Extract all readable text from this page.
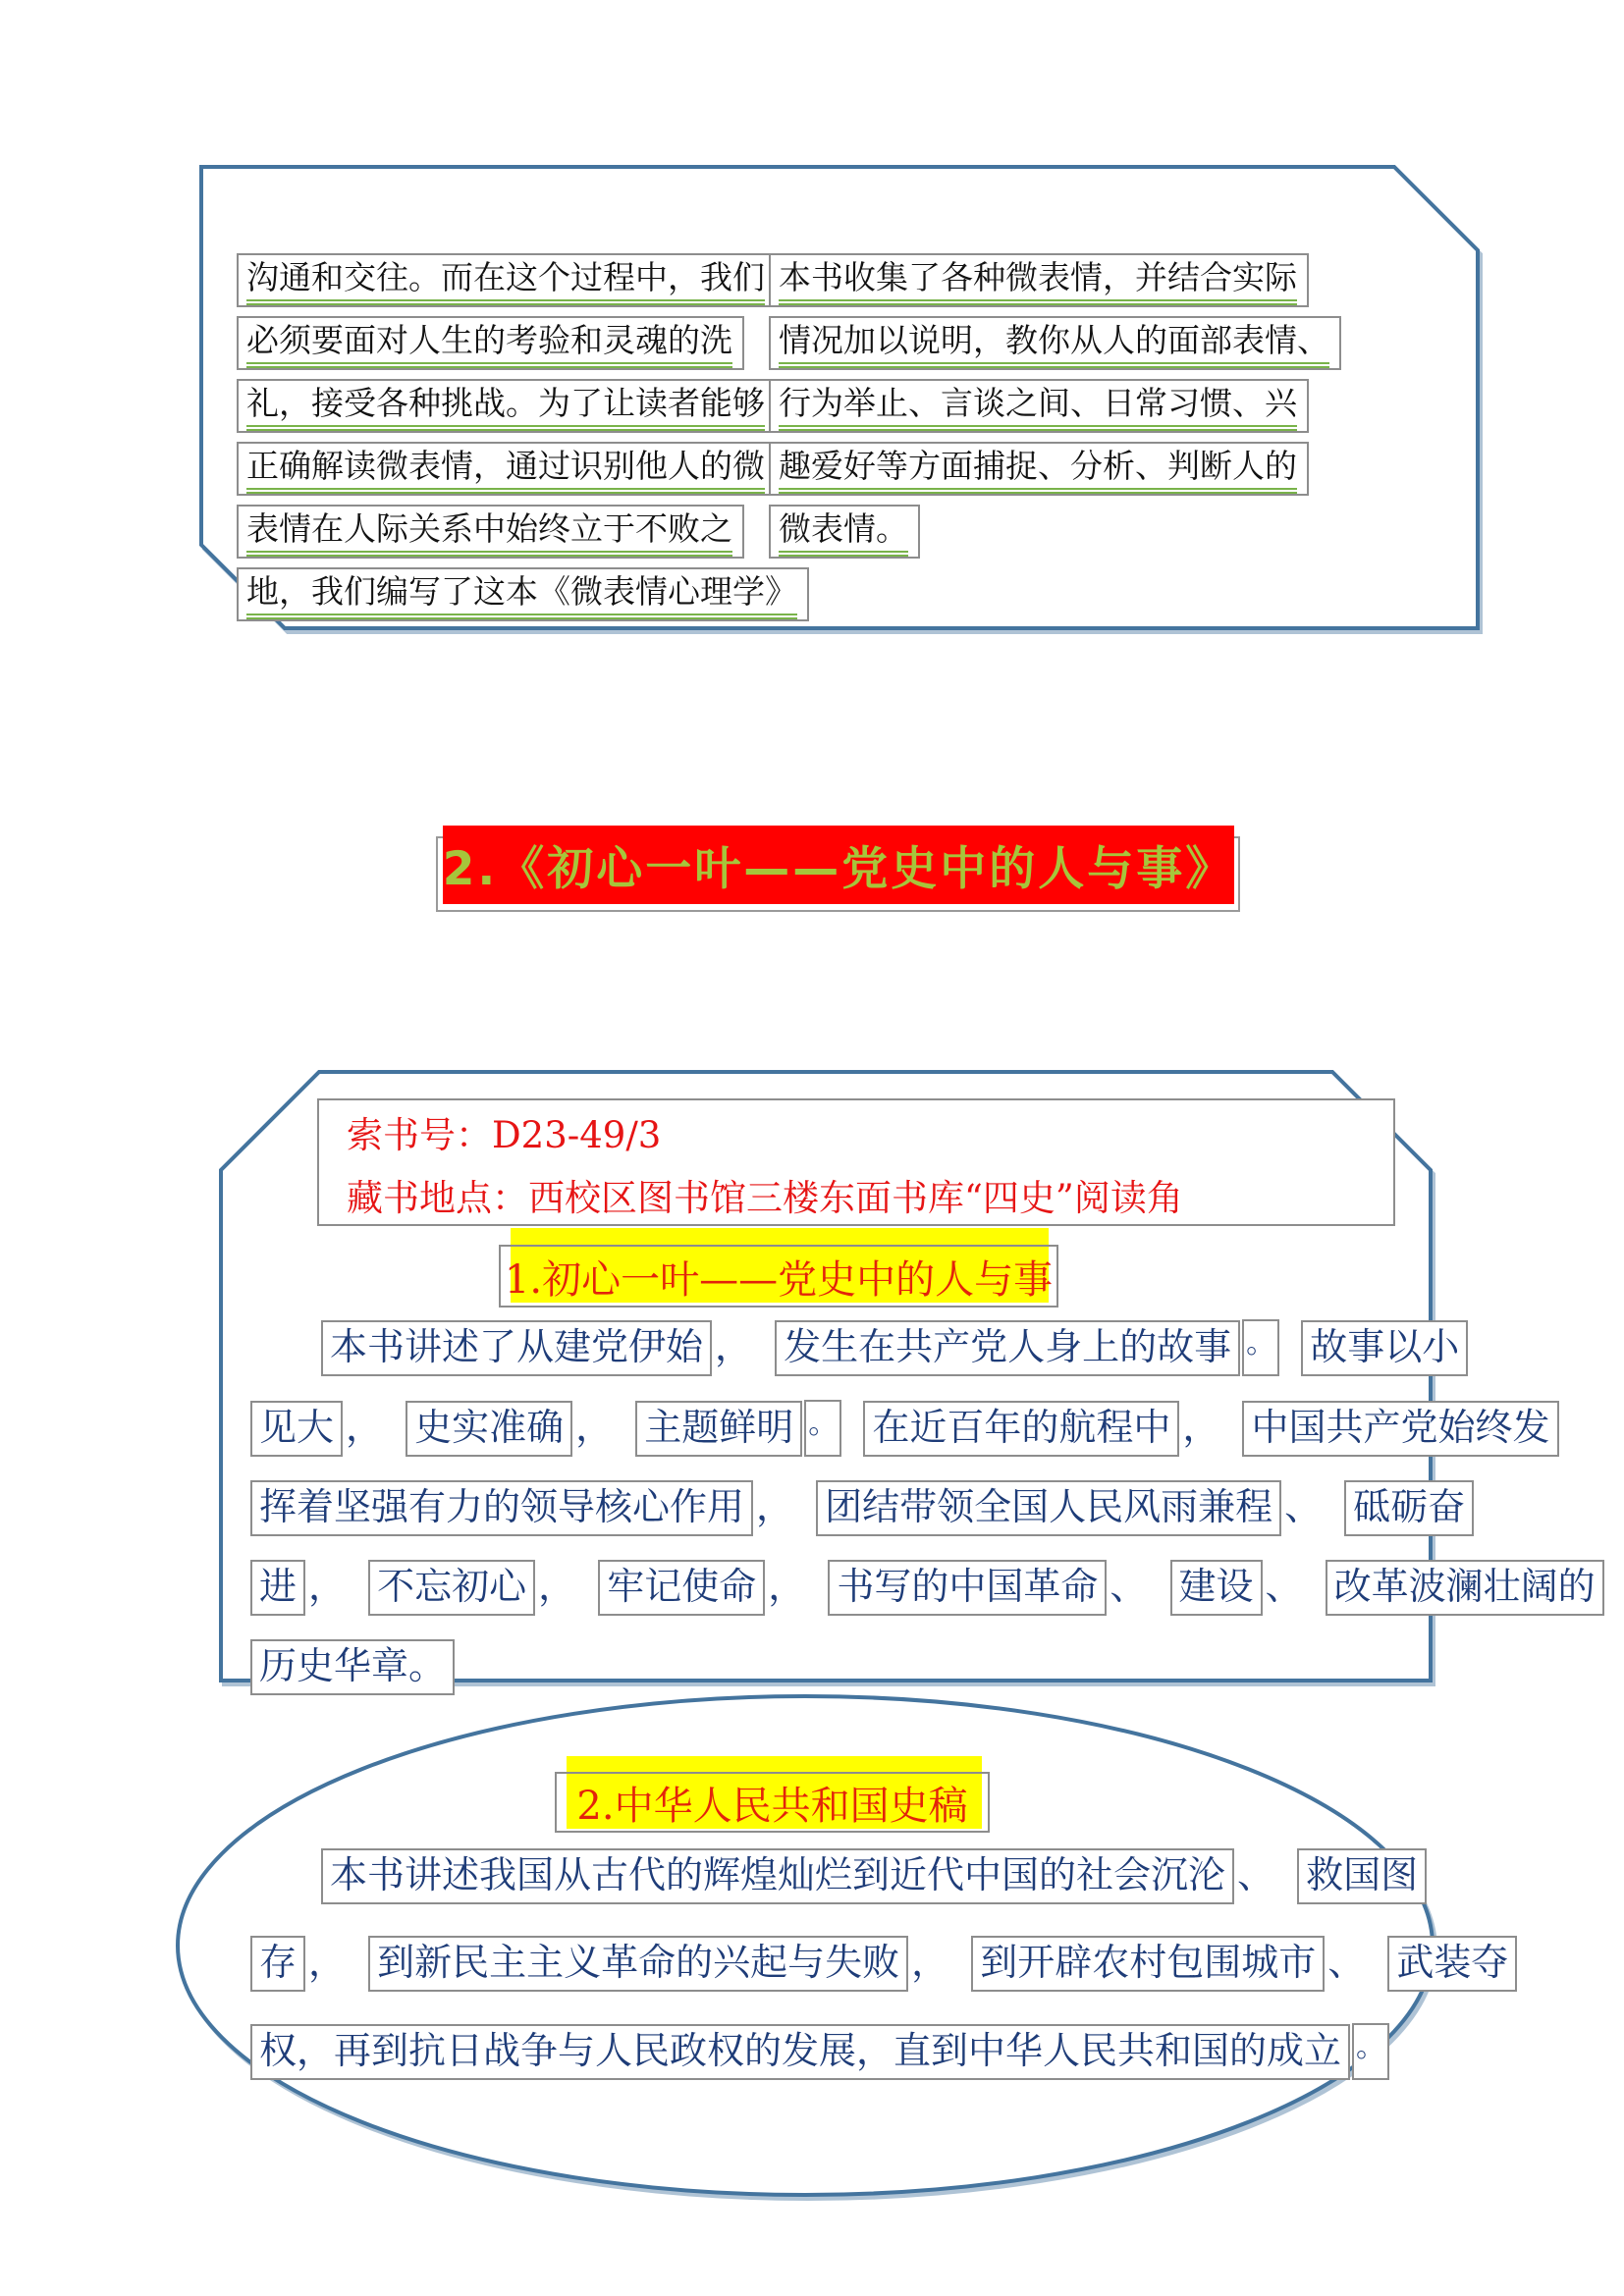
沟通和交往。而在这个过程中，我们
必须要面对人生的考验和灵魂的洗
礼，接受各种挑战。为了让读者能够
正确解读微表情，通过识别他人的微
表情在人际关系中始终立于不败之
地，我们编写了这本《微表情心理学》
本书收集了各种微表情，并结合实际
情况加以说明，教你从人的面部表情、
行为举止、言谈之间、日常习惯、兴
趣爱好等方面捕捉、分析、判断人的
微表情。
2.《初心一叶——党史中的人与事》
索书号：D23-49/3
藏书地点：西校区图书馆三楼东面书库“四史”阅读角
1.初心一叶——党史中的人与事
本书讲述了从建党伊始 ， 发生在共产党人身上的故事 。 故事以小
见大 ， 史实准确 ， 主题鲜明 。 在近百年的航程中 ， 中国共产党始终发
挥着坚强有力的领导核心作用 ， 团结带领全国人民风雨兼程 、 砥砺奋
进 ， 不忘初心 ， 牢记使命 ， 书写的中国革命 、 建设 、 改革波澜壮阔的
历史华章。
2.中华人民共和国史稿
本书讲述我国从古代的辉煌灿烂到近代中国的社会沉沦 、 救国图
存 ， 到新民主主义革命的兴起与失败 ， 到开辟农村包围城市 、 武装夺
权，再到抗日战争与人民政权的发展，直到中华人民共和国的成立 。
